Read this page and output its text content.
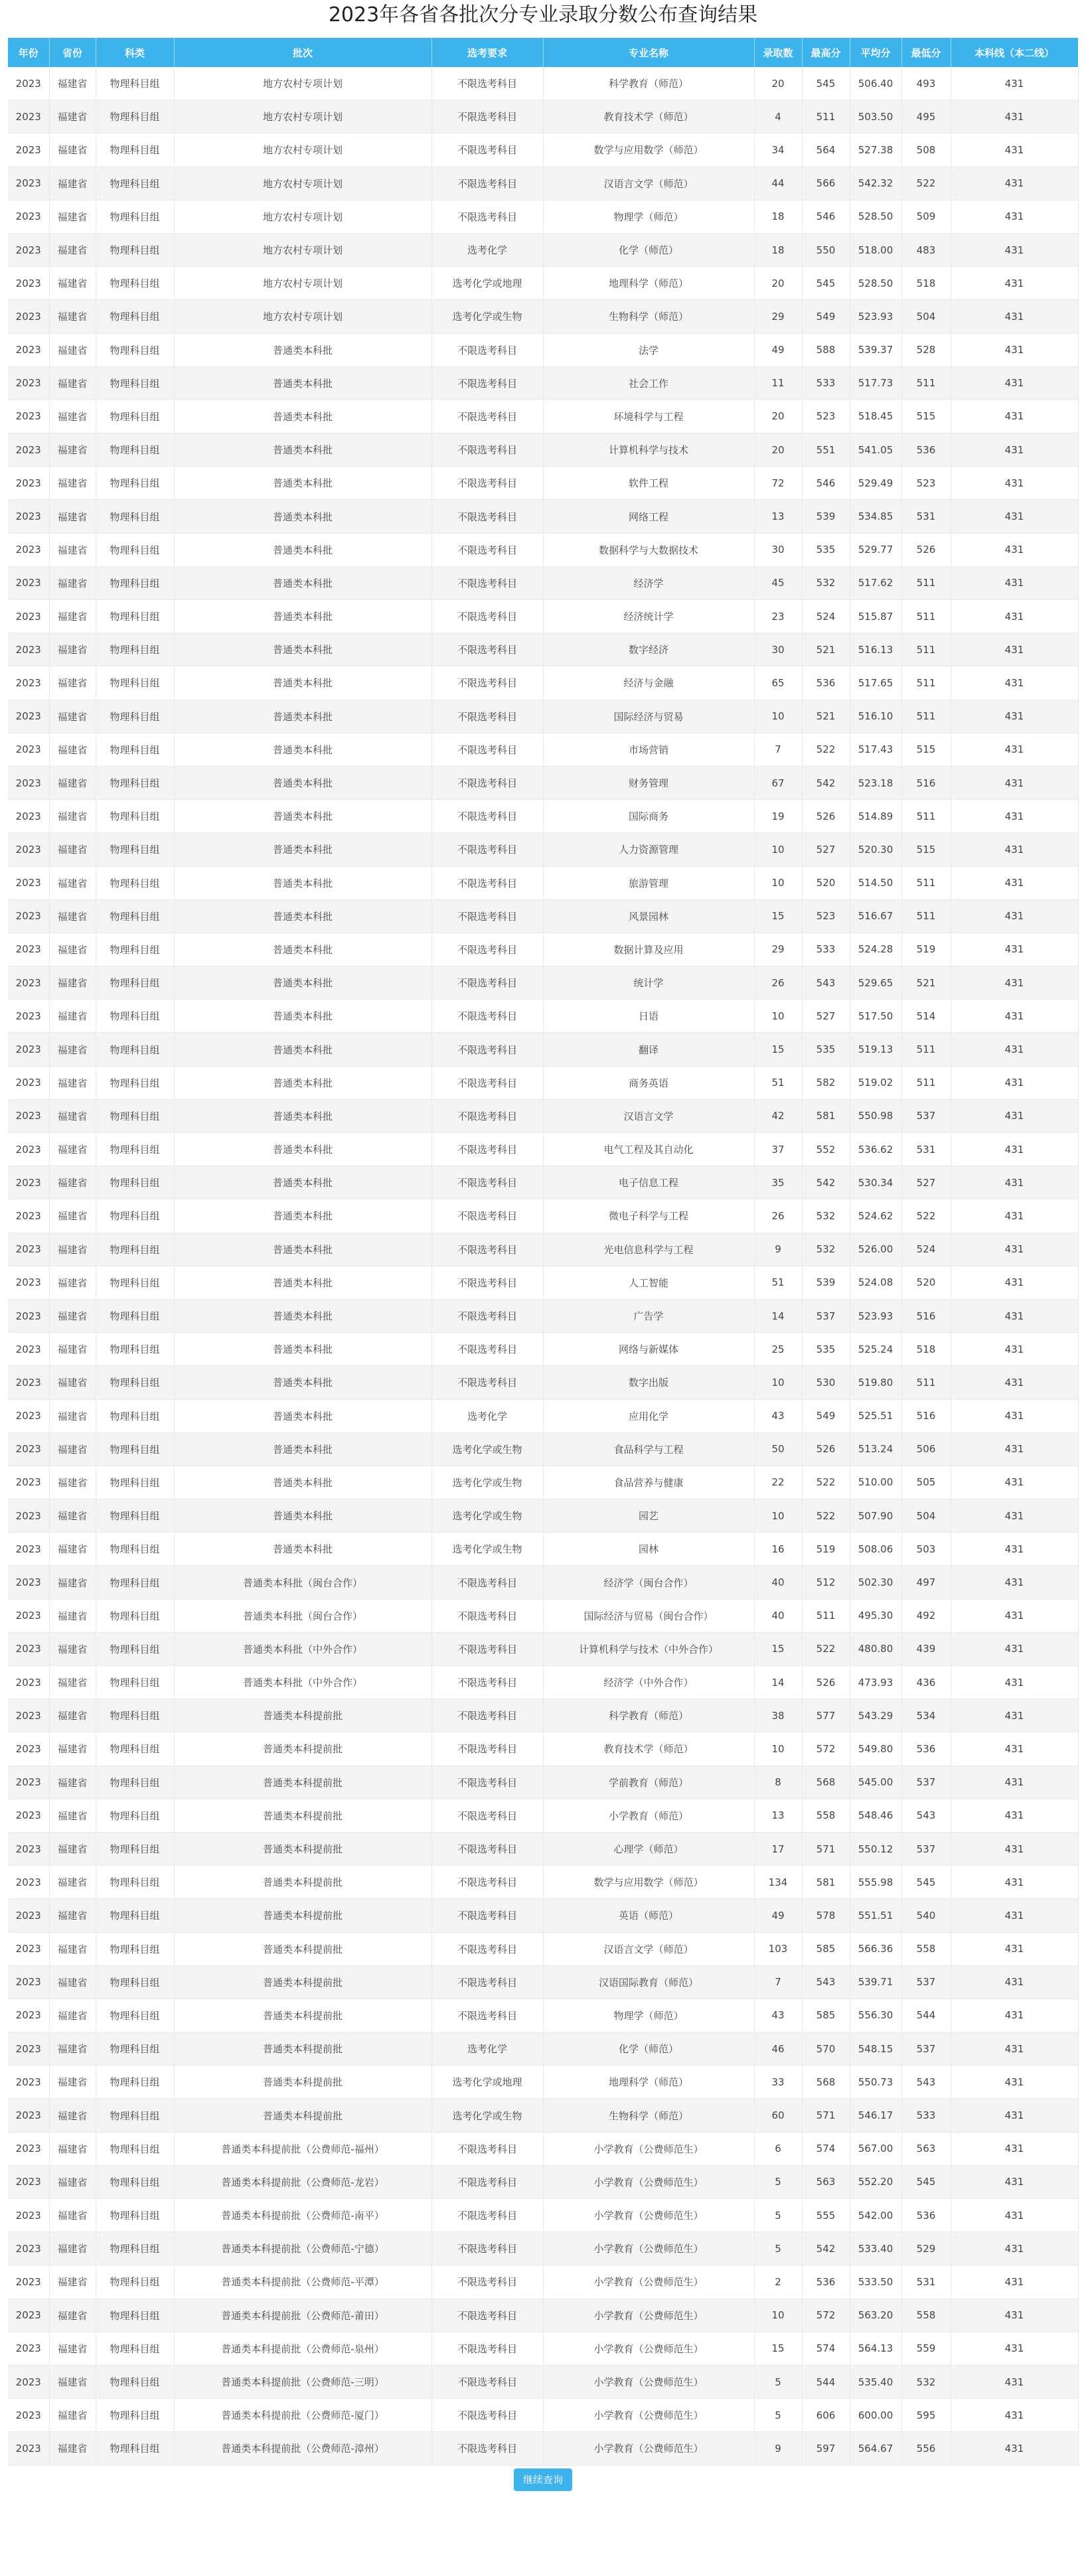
2023年各省各批次分专业录取分数公布查询结果
年份	省份	科类	批次	选考要求	专业名称	录取数	最高分	平均分	最低分	本科线（本二线）
2023	福建省	物理科目组	地方农村专项计划	不限选考科目	科学教育（师范）	20	545	506.40	493	431
2023	福建省	物理科目组	地方农村专项计划	不限选考科目	教育技术学（师范）	4	511	503.50	495	431
2023	福建省	物理科目组	地方农村专项计划	不限选考科目	数学与应用数学（师范）	34	564	527.38	508	431
2023	福建省	物理科目组	地方农村专项计划	不限选考科目	汉语言文学（师范）	44	566	542.32	522	431
2023	福建省	物理科目组	地方农村专项计划	不限选考科目	物理学（师范）	18	546	528.50	509	431
2023	福建省	物理科目组	地方农村专项计划	选考化学	化学（师范）	18	550	518.00	483	431
2023	福建省	物理科目组	地方农村专项计划	选考化学或地理	地理科学（师范）	20	545	528.50	518	431
2023	福建省	物理科目组	地方农村专项计划	选考化学或生物	生物科学（师范）	29	549	523.93	504	431
2023	福建省	物理科目组	普通类本科批	不限选考科目	法学	49	588	539.37	528	431
2023	福建省	物理科目组	普通类本科批	不限选考科目	社会工作	11	533	517.73	511	431
2023	福建省	物理科目组	普通类本科批	不限选考科目	环境科学与工程	20	523	518.45	515	431
2023	福建省	物理科目组	普通类本科批	不限选考科目	计算机科学与技术	20	551	541.05	536	431
2023	福建省	物理科目组	普通类本科批	不限选考科目	软件工程	72	546	529.49	523	431
2023	福建省	物理科目组	普通类本科批	不限选考科目	网络工程	13	539	534.85	531	431
2023	福建省	物理科目组	普通类本科批	不限选考科目	数据科学与大数据技术	30	535	529.77	526	431
2023	福建省	物理科目组	普通类本科批	不限选考科目	经济学	45	532	517.62	511	431
2023	福建省	物理科目组	普通类本科批	不限选考科目	经济统计学	23	524	515.87	511	431
2023	福建省	物理科目组	普通类本科批	不限选考科目	数字经济	30	521	516.13	511	431
2023	福建省	物理科目组	普通类本科批	不限选考科目	经济与金融	65	536	517.65	511	431
2023	福建省	物理科目组	普通类本科批	不限选考科目	国际经济与贸易	10	521	516.10	511	431
2023	福建省	物理科目组	普通类本科批	不限选考科目	市场营销	7	522	517.43	515	431
2023	福建省	物理科目组	普通类本科批	不限选考科目	财务管理	67	542	523.18	516	431
2023	福建省	物理科目组	普通类本科批	不限选考科目	国际商务	19	526	514.89	511	431
2023	福建省	物理科目组	普通类本科批	不限选考科目	人力资源管理	10	527	520.30	515	431
2023	福建省	物理科目组	普通类本科批	不限选考科目	旅游管理	10	520	514.50	511	431
2023	福建省	物理科目组	普通类本科批	不限选考科目	风景园林	15	523	516.67	511	431
2023	福建省	物理科目组	普通类本科批	不限选考科目	数据计算及应用	29	533	524.28	519	431
2023	福建省	物理科目组	普通类本科批	不限选考科目	统计学	26	543	529.65	521	431
2023	福建省	物理科目组	普通类本科批	不限选考科目	日语	10	527	517.50	514	431
2023	福建省	物理科目组	普通类本科批	不限选考科目	翻译	15	535	519.13	511	431
2023	福建省	物理科目组	普通类本科批	不限选考科目	商务英语	51	582	519.02	511	431
2023	福建省	物理科目组	普通类本科批	不限选考科目	汉语言文学	42	581	550.98	537	431
2023	福建省	物理科目组	普通类本科批	不限选考科目	电气工程及其自动化	37	552	536.62	531	431
2023	福建省	物理科目组	普通类本科批	不限选考科目	电子信息工程	35	542	530.34	527	431
2023	福建省	物理科目组	普通类本科批	不限选考科目	微电子科学与工程	26	532	524.62	522	431
2023	福建省	物理科目组	普通类本科批	不限选考科目	光电信息科学与工程	9	532	526.00	524	431
2023	福建省	物理科目组	普通类本科批	不限选考科目	人工智能	51	539	524.08	520	431
2023	福建省	物理科目组	普通类本科批	不限选考科目	广告学	14	537	523.93	516	431
2023	福建省	物理科目组	普通类本科批	不限选考科目	网络与新媒体	25	535	525.24	518	431
2023	福建省	物理科目组	普通类本科批	不限选考科目	数字出版	10	530	519.80	511	431
2023	福建省	物理科目组	普通类本科批	选考化学	应用化学	43	549	525.51	516	431
2023	福建省	物理科目组	普通类本科批	选考化学或生物	食品科学与工程	50	526	513.24	506	431
2023	福建省	物理科目组	普通类本科批	选考化学或生物	食品营养与健康	22	522	510.00	505	431
2023	福建省	物理科目组	普通类本科批	选考化学或生物	园艺	10	522	507.90	504	431
2023	福建省	物理科目组	普通类本科批	选考化学或生物	园林	16	519	508.06	503	431
2023	福建省	物理科目组	普通类本科批（闽台合作）	不限选考科目	经济学（闽台合作）	40	512	502.30	497	431
2023	福建省	物理科目组	普通类本科批（闽台合作）	不限选考科目	国际经济与贸易（闽台合作）	40	511	495.30	492	431
2023	福建省	物理科目组	普通类本科批（中外合作）	不限选考科目	计算机科学与技术（中外合作）	15	522	480.80	439	431
2023	福建省	物理科目组	普通类本科批（中外合作）	不限选考科目	经济学（中外合作）	14	526	473.93	436	431
2023	福建省	物理科目组	普通类本科提前批	不限选考科目	科学教育（师范）	38	577	543.29	534	431
2023	福建省	物理科目组	普通类本科提前批	不限选考科目	教育技术学（师范）	10	572	549.80	536	431
2023	福建省	物理科目组	普通类本科提前批	不限选考科目	学前教育（师范）	8	568	545.00	537	431
2023	福建省	物理科目组	普通类本科提前批	不限选考科目	小学教育（师范）	13	558	548.46	543	431
2023	福建省	物理科目组	普通类本科提前批	不限选考科目	心理学（师范）	17	571	550.12	537	431
2023	福建省	物理科目组	普通类本科提前批	不限选考科目	数学与应用数学（师范）	134	581	555.98	545	431
2023	福建省	物理科目组	普通类本科提前批	不限选考科目	英语（师范）	49	578	551.51	540	431
2023	福建省	物理科目组	普通类本科提前批	不限选考科目	汉语言文学（师范）	103	585	566.36	558	431
2023	福建省	物理科目组	普通类本科提前批	不限选考科目	汉语国际教育（师范）	7	543	539.71	537	431
2023	福建省	物理科目组	普通类本科提前批	不限选考科目	物理学（师范）	43	585	556.30	544	431
2023	福建省	物理科目组	普通类本科提前批	选考化学	化学（师范）	46	570	548.15	537	431
2023	福建省	物理科目组	普通类本科提前批	选考化学或地理	地理科学（师范）	33	568	550.73	543	431
2023	福建省	物理科目组	普通类本科提前批	选考化学或生物	生物科学（师范）	60	571	546.17	533	431
2023	福建省	物理科目组	普通类本科提前批（公费师范-福州）	不限选考科目	小学教育（公费师范生）	6	574	567.00	563	431
2023	福建省	物理科目组	普通类本科提前批（公费师范-龙岩）	不限选考科目	小学教育（公费师范生）	5	563	552.20	545	431
2023	福建省	物理科目组	普通类本科提前批（公费师范-南平）	不限选考科目	小学教育（公费师范生）	5	555	542.00	536	431
2023	福建省	物理科目组	普通类本科提前批（公费师范-宁德）	不限选考科目	小学教育（公费师范生）	5	542	533.40	529	431
2023	福建省	物理科目组	普通类本科提前批（公费师范-平潭）	不限选考科目	小学教育（公费师范生）	2	536	533.50	531	431
2023	福建省	物理科目组	普通类本科提前批（公费师范-莆田）	不限选考科目	小学教育（公费师范生）	10	572	563.20	558	431
2023	福建省	物理科目组	普通类本科提前批（公费师范-泉州）	不限选考科目	小学教育（公费师范生）	15	574	564.13	559	431
2023	福建省	物理科目组	普通类本科提前批（公费师范-三明）	不限选考科目	小学教育（公费师范生）	5	544	535.40	532	431
2023	福建省	物理科目组	普通类本科提前批（公费师范-厦门）	不限选考科目	小学教育（公费师范生）	5	606	600.00	595	431
2023	福建省	物理科目组	普通类本科提前批（公费师范-漳州）	不限选考科目	小学教育（公费师范生）	9	597	564.67	556	431
继续查询
